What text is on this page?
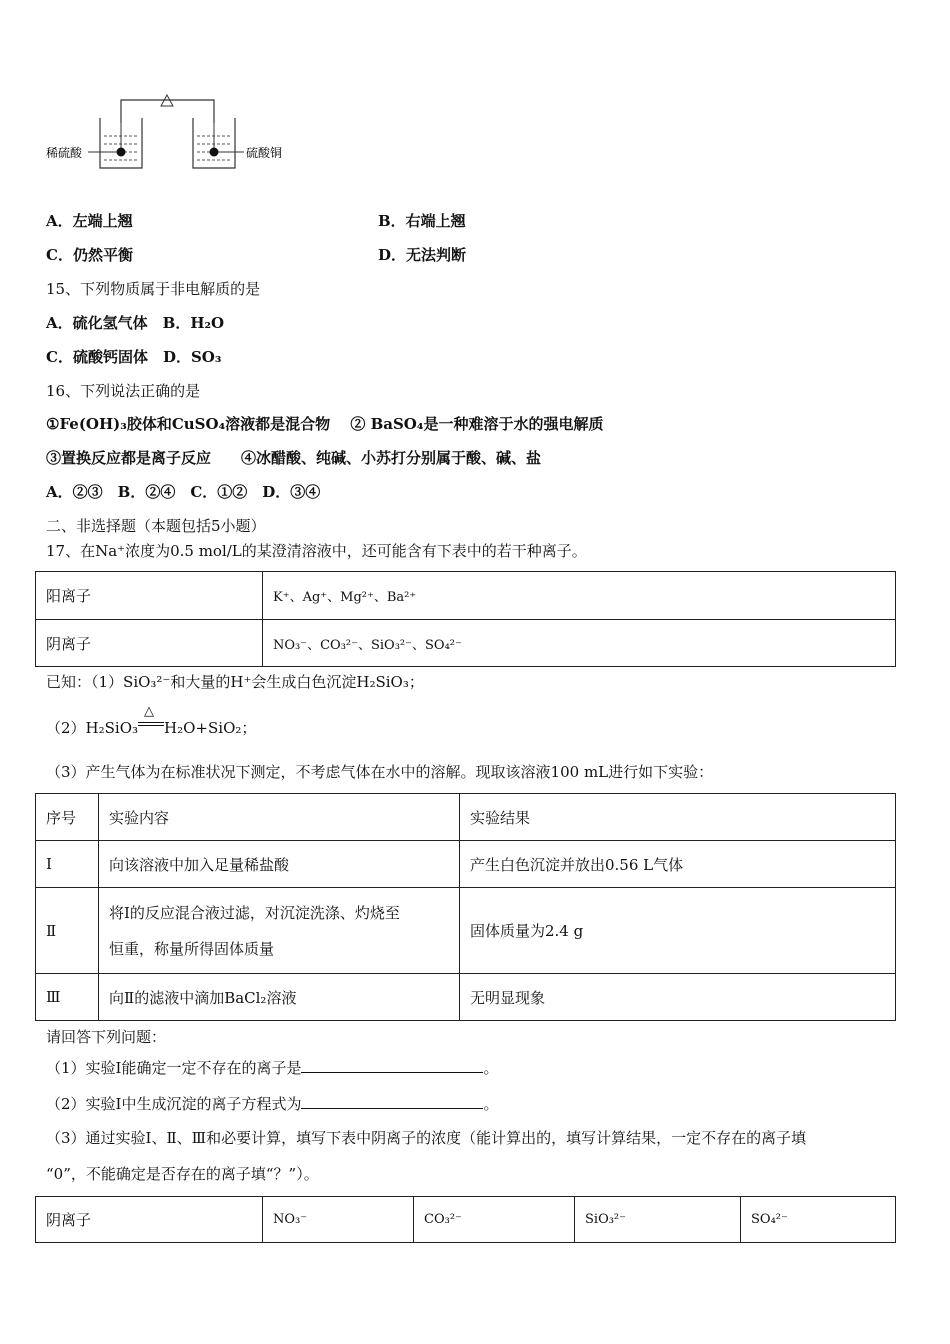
稀硫酸	硫酸铜
A．左端上翘	B．右端上翘
C．仍然平衡	D．无法判断
15、下列物质属于非电解质的是
A．硫化氢气体　B．H₂O
C．硫酸钙固体　D．SO₃
16、下列说法正确的是
①Fe(OH)₃胶体和CuSO₄溶液都是混合物　 ② BaSO₄是一种难溶于水的强电解质
③置换反应都是离子反应　　④冰醋酸、纯碱、小苏打分别属于酸、碱、盐
A．②③　B．②④　C．①②　D．③④
二、非选择题（本题包括5小题）
17、在Na⁺浓度为0.5 mol/L的某澄清溶液中，还可能含有下表中的若干种离子。
阳离子	K⁺、Ag⁺、Mg²⁺、Ba²⁺
阴离子	NO₃⁻、CO₃²⁻、SiO₃²⁻、SO₄²⁻
已知：（1）SiO₃²⁻和大量的H⁺会生成白色沉淀H₂SiO₃；
（2）H₂SiO₃
△
H₂O+SiO₂；
（3）产生气体为在标准状况下测定，不考虑气体在水中的溶解。现取该溶液100 mL进行如下实验：
序号	实验内容	实验结果
Ⅰ	向该溶液中加入足量稀盐酸	产生白色沉淀并放出0.56 L气体
Ⅱ	将Ⅰ的反应混合液过滤，对沉淀洗涤、灼烧至
恒重，称量所得固体质量	固体质量为2.4 g
Ⅲ	向Ⅱ的滤液中滴加BaCl₂溶液	无明显现象
请回答下列问题：
（1）实验Ⅰ能确定一定不存在的离子是	。
（2）实验Ⅰ中生成沉淀的离子方程式为	。
（3）通过实验Ⅰ、Ⅱ、Ⅲ和必要计算，填写下表中阴离子的浓度（能计算出的，填写计算结果，一定不存在的离子填
“0”，不能确定是否存在的离子填“？”）。
阴离子	NO₃⁻	CO₃²⁻	SiO₃²⁻	SO₄²⁻
